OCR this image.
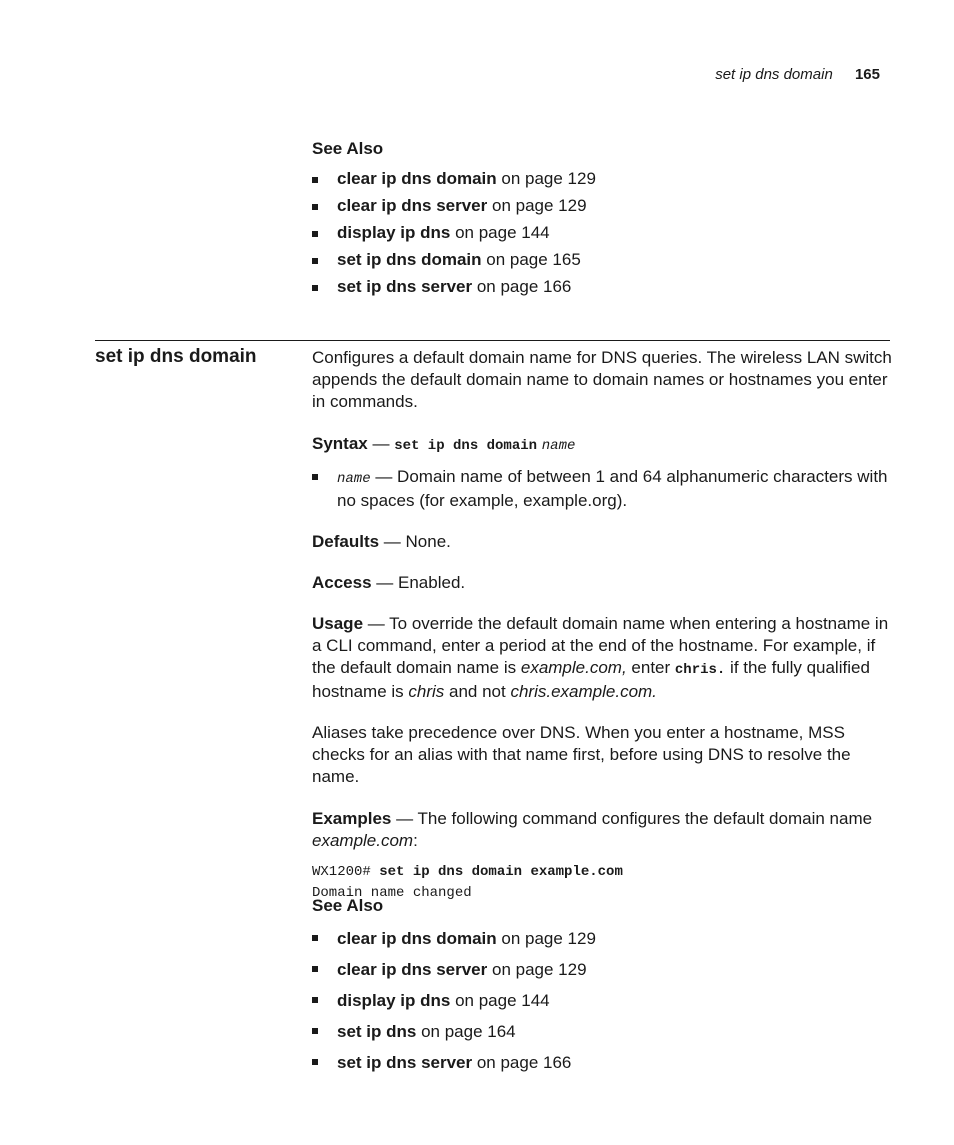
set ip dns domain 165

See Also

clear ip dns domain on page 129
clear ip dns server on page 129
display ip dns on page 144
set ip dns domain on page 165
set ip dns server on page 166
set ip dns domain	Configures a default domain name for DNS queries. The wireless LAN switch appends the default domain name to domain names or hostnames you enter in commands.

Syntax — set ip dns domain name

name — Domain name of between 1 and 64 alphanumeric characters with no spaces (for example, example.org).

Defaults — None.

Access — Enabled.

Usage — To override the default domain name when entering a hostname in a CLI command, enter a period at the end of the hostname. For example, if the default domain name is example.com, enter chris. if the fully qualified hostname is chris and not chris.example.com.

Aliases take precedence over DNS. When you enter a hostname, MSS checks for an alias with that name first, before using DNS to resolve the name.

Examples — The following command configures the default domain name example.com:

WX1200# set ip dns domain example.com
Domain name changed

See Also

clear ip dns domain on page 129
clear ip dns server on page 129
display ip dns on page 144
set ip dns on page 164
set ip dns server on page 166
